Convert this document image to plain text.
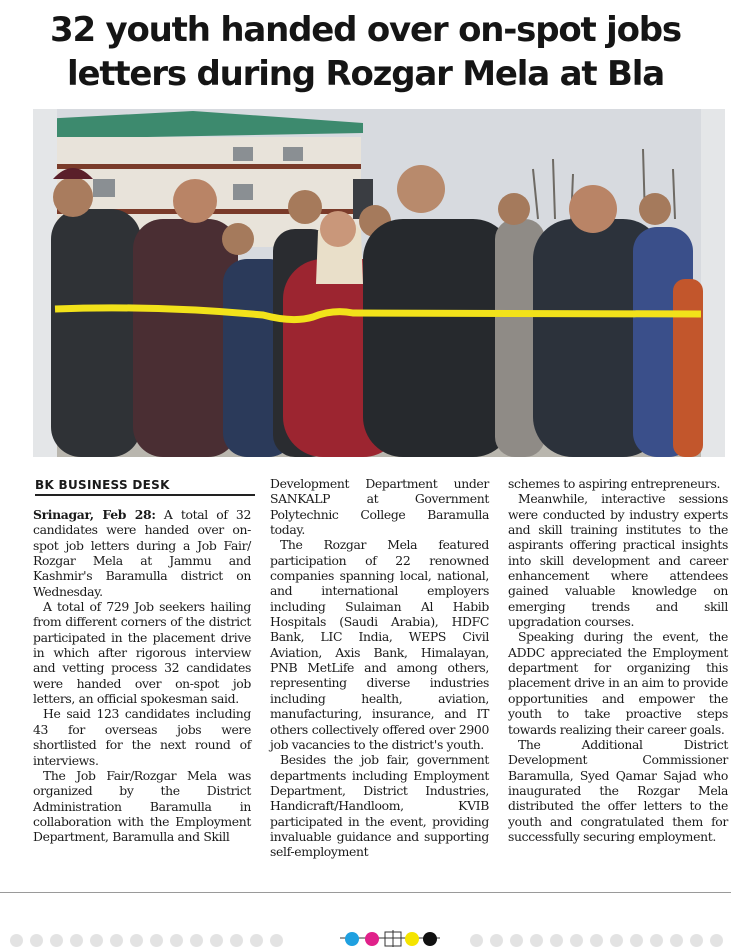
32 youth handed over on-spot jobs
letters during Rozgar Mela at Bla
BK BUSINESS DESK

Srinagar, Feb 28: A total of 32 candidates were handed over on-spot job letters during a Job Fair/ Rozgar Mela at Jammu and Kashmir's Baramulla district on Wednesday.

A total of 729 Job seekers hailing from different corners of the district participated in the placement drive in which after rigorous interview and vetting process 32 candidates were handed over on-spot job letters, an official spokesman said.

He said 123 candidates including 43 for overseas jobs were shortlisted for the next round of interviews.

The Job Fair/Rozgar Mela was organized by the District Administration Baramulla in collaboration with the Employment Department, Baramulla and Skill

Development Department under SANKALP at Government Polytechnic College Baramulla today.

The Rozgar Mela featured participation of 22 renowned companies spanning local, national, and international employers including Sulaiman Al Habib Hospitals (Saudi Arabia), HDFC Bank, LIC India, WEPS Civil Aviation, Axis Bank, Himalayan, PNB MetLife and among others, representing diverse industries including health, aviation, manufacturing, insurance, and IT others collectively offered over 2900 job vacancies to the district's youth.

Besides the job fair, government departments including Employment Department, District Industries, Handicraft/Handloom, KVIB participated in the event, providing invaluable guidance and supporting self-employment

schemes to aspiring entrepreneurs.

Meanwhile, interactive sessions were conducted by industry experts and skill training institutes to the aspirants offering practical insights into skill development and career enhancement where attendees gained valuable knowledge on emerging trends and skill upgradation courses.

Speaking during the event, the ADDC appreciated the Employment department for organizing this placement drive in an aim to provide opportunities and empower the youth to take proactive steps towards realizing their career goals.

The Additional District Development Commissioner Baramulla, Syed Qamar Sajad who inaugurated the Rozgar Mela distributed the offer letters to the youth and congratulated them for successfully securing employment.
